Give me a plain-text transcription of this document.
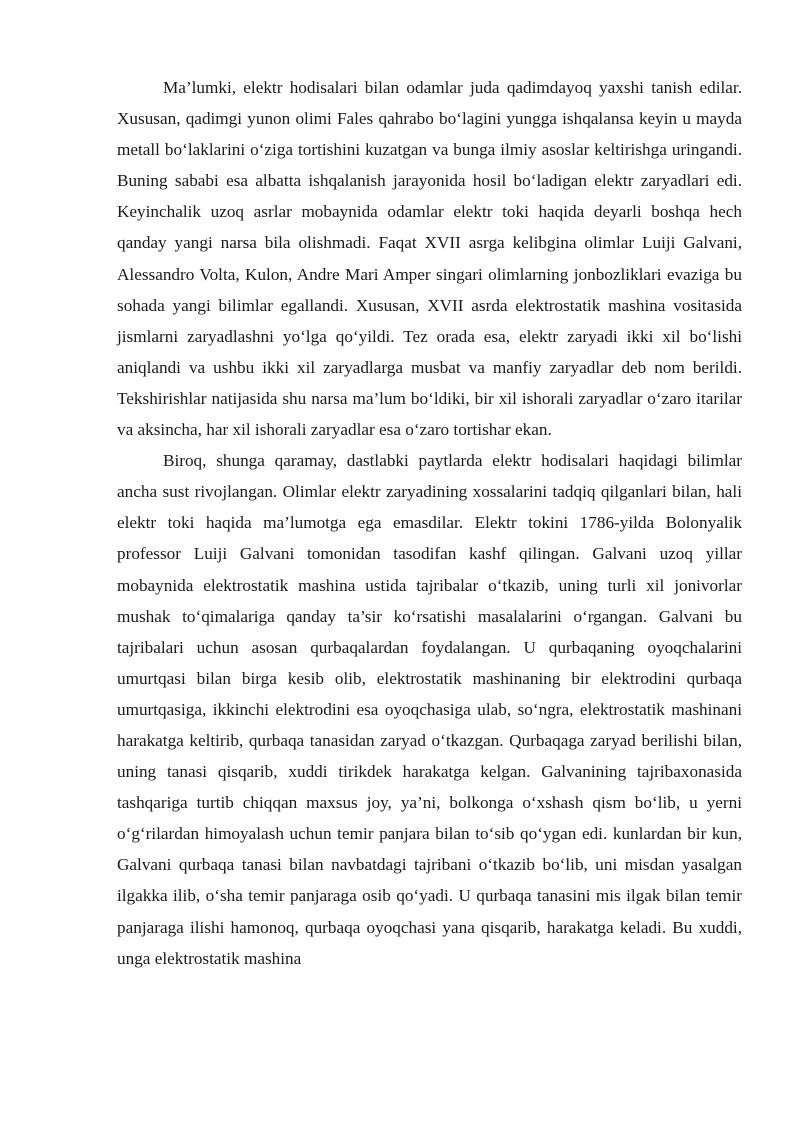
Ma’lumki, elektr hodisalari bilan odamlar juda qadimdayoq yaxshi tanish edilar. Xususan, qadimgi yunon olimi Fales qahrabo bo‘lagini yungga ishqalansa keyin u mayda metall bo‘laklarini o‘ziga tortishini kuzatgan va bunga ilmiy asoslar keltirishga uringandi. Buning sababi esa albatta ishqalanish jarayonida hosil bo‘ladigan elektr zaryadlari edi. Keyinchalik uzoq asrlar mobaynida odamlar elektr toki haqida deyarli boshqa hech qanday yangi narsa bila olishmadi. Faqat XVII asrga kelibgina olimlar Luiji Galvani, Alessandro Volta, Kulon, Andre Mari Amper singari olimlarning jonbozliklari evaziga bu sohada yangi bilimlar egallandi. Xususan, XVII asrda elektrostatik mashina vositasida jismlarni zaryadlashni yo‘lga qo‘yildi. Tez orada esa, elektr zaryadi ikki xil bo‘lishi aniqlandi va ushbu ikki xil zaryadlarga musbat va manfiy zaryadlar deb nom berildi. Tekshirishlar natijasida shu narsa ma’lum bo‘ldiki, bir xil ishorali zaryadlar o‘zaro itarilar va aksincha, har xil ishorali zaryadlar esa o‘zaro tortishar ekan.

Biroq, shunga qaramay, dastlabki paytlarda elektr hodisalari haqidagi bilimlar ancha sust rivojlangan. Olimlar elektr zaryadining xossalarini tadqiq qilganlari bilan, hali elektr toki haqida ma’lumotga ega emasdilar. Elektr tokini 1786-yilda Bolonyalik professor Luiji Galvani tomonidan tasodifan kashf qilingan. Galvani uzoq yillar mobaynida elektrostatik mashina ustida tajribalar o‘tkazib, uning turli xil jonivorlar mushak to‘qimalariga qanday ta’sir ko‘rsatishi masalalarini o‘rgangan. Galvani bu tajribalari uchun asosan qurbaqalardan foydalangan. U qurbaqaning oyoqchalarini umurtqasi bilan birga kesib olib, elektrostatik mashinaning bir elektrodini qurbaqa umurtqasiga, ikkinchi elektrodini esa oyoqchasiga ulab, so‘ngra, elektrostatik mashinani harakatga keltirib, qurbaqa tanasidan zaryad o‘tkazgan. Qurbaqaga zaryad berilishi bilan, uning tanasi qisqarib, xuddi tirikdek harakatga kelgan. Galvanining tajribaxonasida tashqariga turtib chiqqan maxsus joy, ya’ni, bolkonga o‘xshash qism bo‘lib, u yerni o‘g‘rilardan himoyalash uchun temir panjara bilan to‘sib qo‘ygan edi. kunlardan bir kun, Galvani qurbaqa tanasi bilan navbatdagi tajribani o‘tkazib bo‘lib, uni misdan yasalgan ilgakka ilib, o‘sha temir panjaraga osib qo‘yadi. U qurbaqa tanasini mis ilgak bilan temir panjaraga ilishi hamonoq, qurbaqa oyoqchasi yana qisqarib, harakatga keladi. Bu xuddi, unga elektrostatik mashina
